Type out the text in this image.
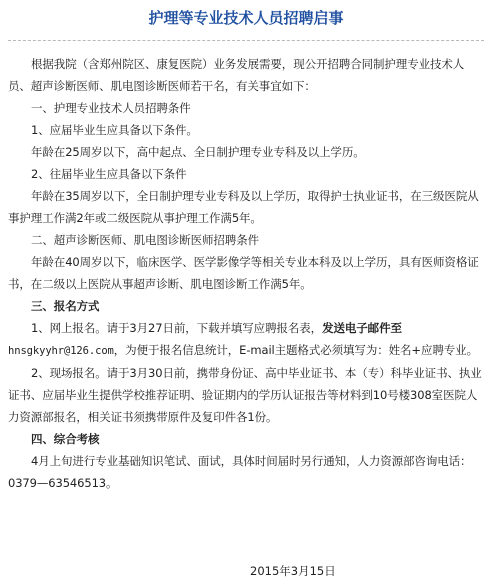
护理等专业技术人员招聘启事

根据我院（含郑州院区、康复医院）业务发展需要，现公开招聘合同制护理专业技术人员、超声诊断医师、肌电图诊断医师若干名，有关事宜如下：

一、护理专业技术人员招聘条件

1、应届毕业生应具备以下条件。

年龄在25周岁以下，高中起点、全日制护理专业专科及以上学历。

2、往届毕业生应具备以下条件

年龄在35周岁以下，全日制护理专业专科及以上学历，取得护士执业证书，在三级医院从事护理工作满2年或二级医院从事护理工作满5年。

二、超声诊断医师、肌电图诊断医师招聘条件

年龄在40周岁以下，临床医学、医学影像学等相关专业本科及以上学历，具有医师资格证书，在二级以上医院从事超声诊断、肌电图诊断工作满5年。

三、报名方式

1、网上报名。请于3月27日前，下载并填写应聘报名表，发送电子邮件至
hnsgkyyhr@126.com，为便于报名信息统计，E-mail主题格式必须填写为：姓名+应聘专业。

2、现场报名。请于3月30日前，携带身份证、高中毕业证书、本（专）科毕业证书、执业证书、应届毕业生提供学校推荐证明、验证期内的学历认证报告等材料到10号楼308室医院人力资源部报名，相关证书须携带原件及复印件各1份。

四、综合考核

4月上旬进行专业基础知识笔试、面试，具体时间届时另行通知，人力资源部咨询电话：0379—63546513。

2015年3月15日
